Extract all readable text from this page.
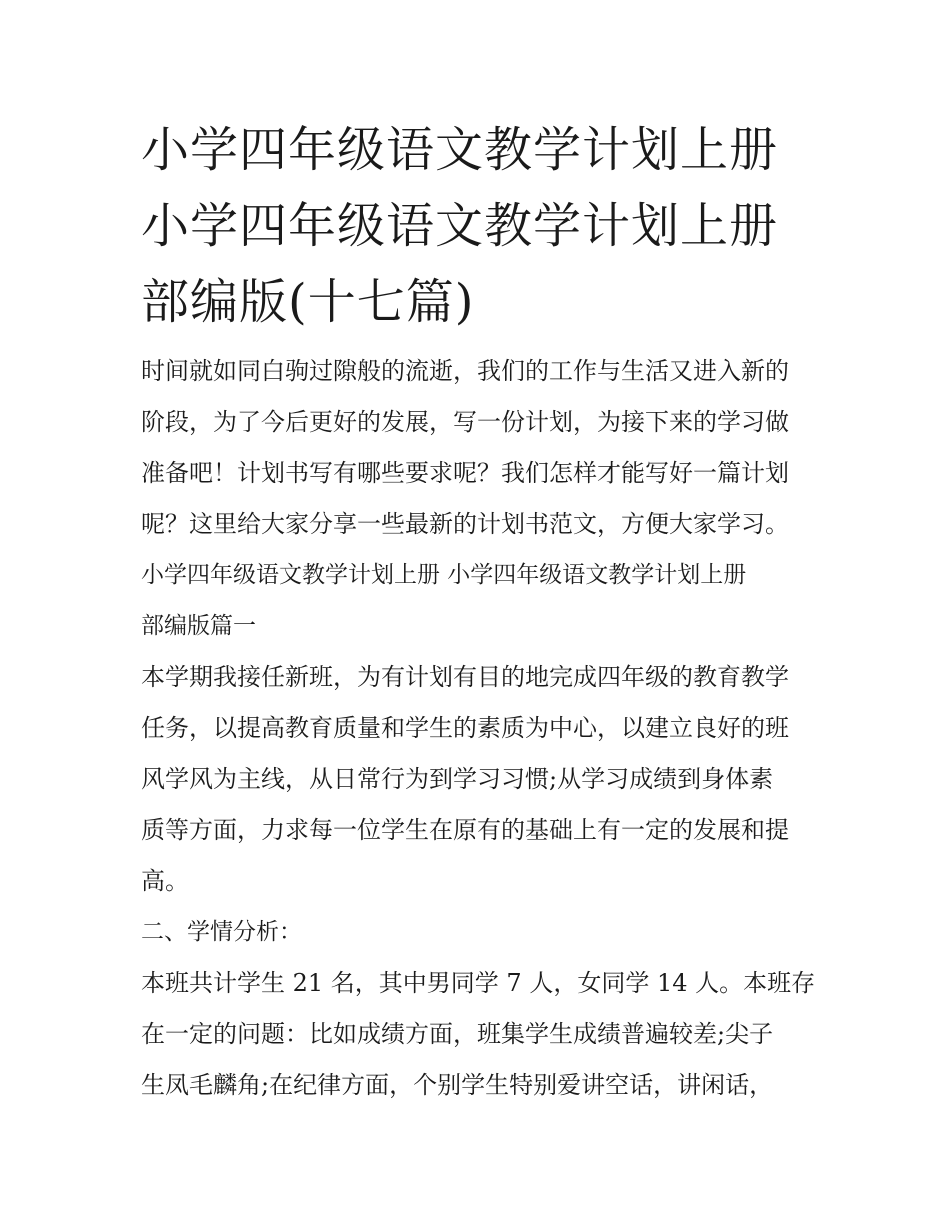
小学四年级语文教学计划上册
小学四年级语文教学计划上册
部编版(十七篇)

时间就如同白驹过隙般的流逝，我们的工作与生活又进入新的

阶段，为了今后更好的发展，写一份计划，为接下来的学习做

准备吧！计划书写有哪些要求呢？我们怎样才能写好一篇计划

呢？这里给大家分享一些最新的计划书范文，方便大家学习。

小学四年级语文教学计划上册 小学四年级语文教学计划上册

部编版篇一

本学期我接任新班，为有计划有目的地完成四年级的教育教学

任务，以提高教育质量和学生的素质为中心，以建立良好的班

风学风为主线，从日常行为到学习习惯;从学习成绩到身体素

质等方面，力求每一位学生在原有的基础上有一定的发展和提

高。

二、学情分析：

本班共计学生 21 名，其中男同学 7 人，女同学 14 人。本班存

在一定的问题：比如成绩方面，班集学生成绩普遍较差;尖子

生凤毛麟角;在纪律方面，个别学生特别爱讲空话，讲闲话，
